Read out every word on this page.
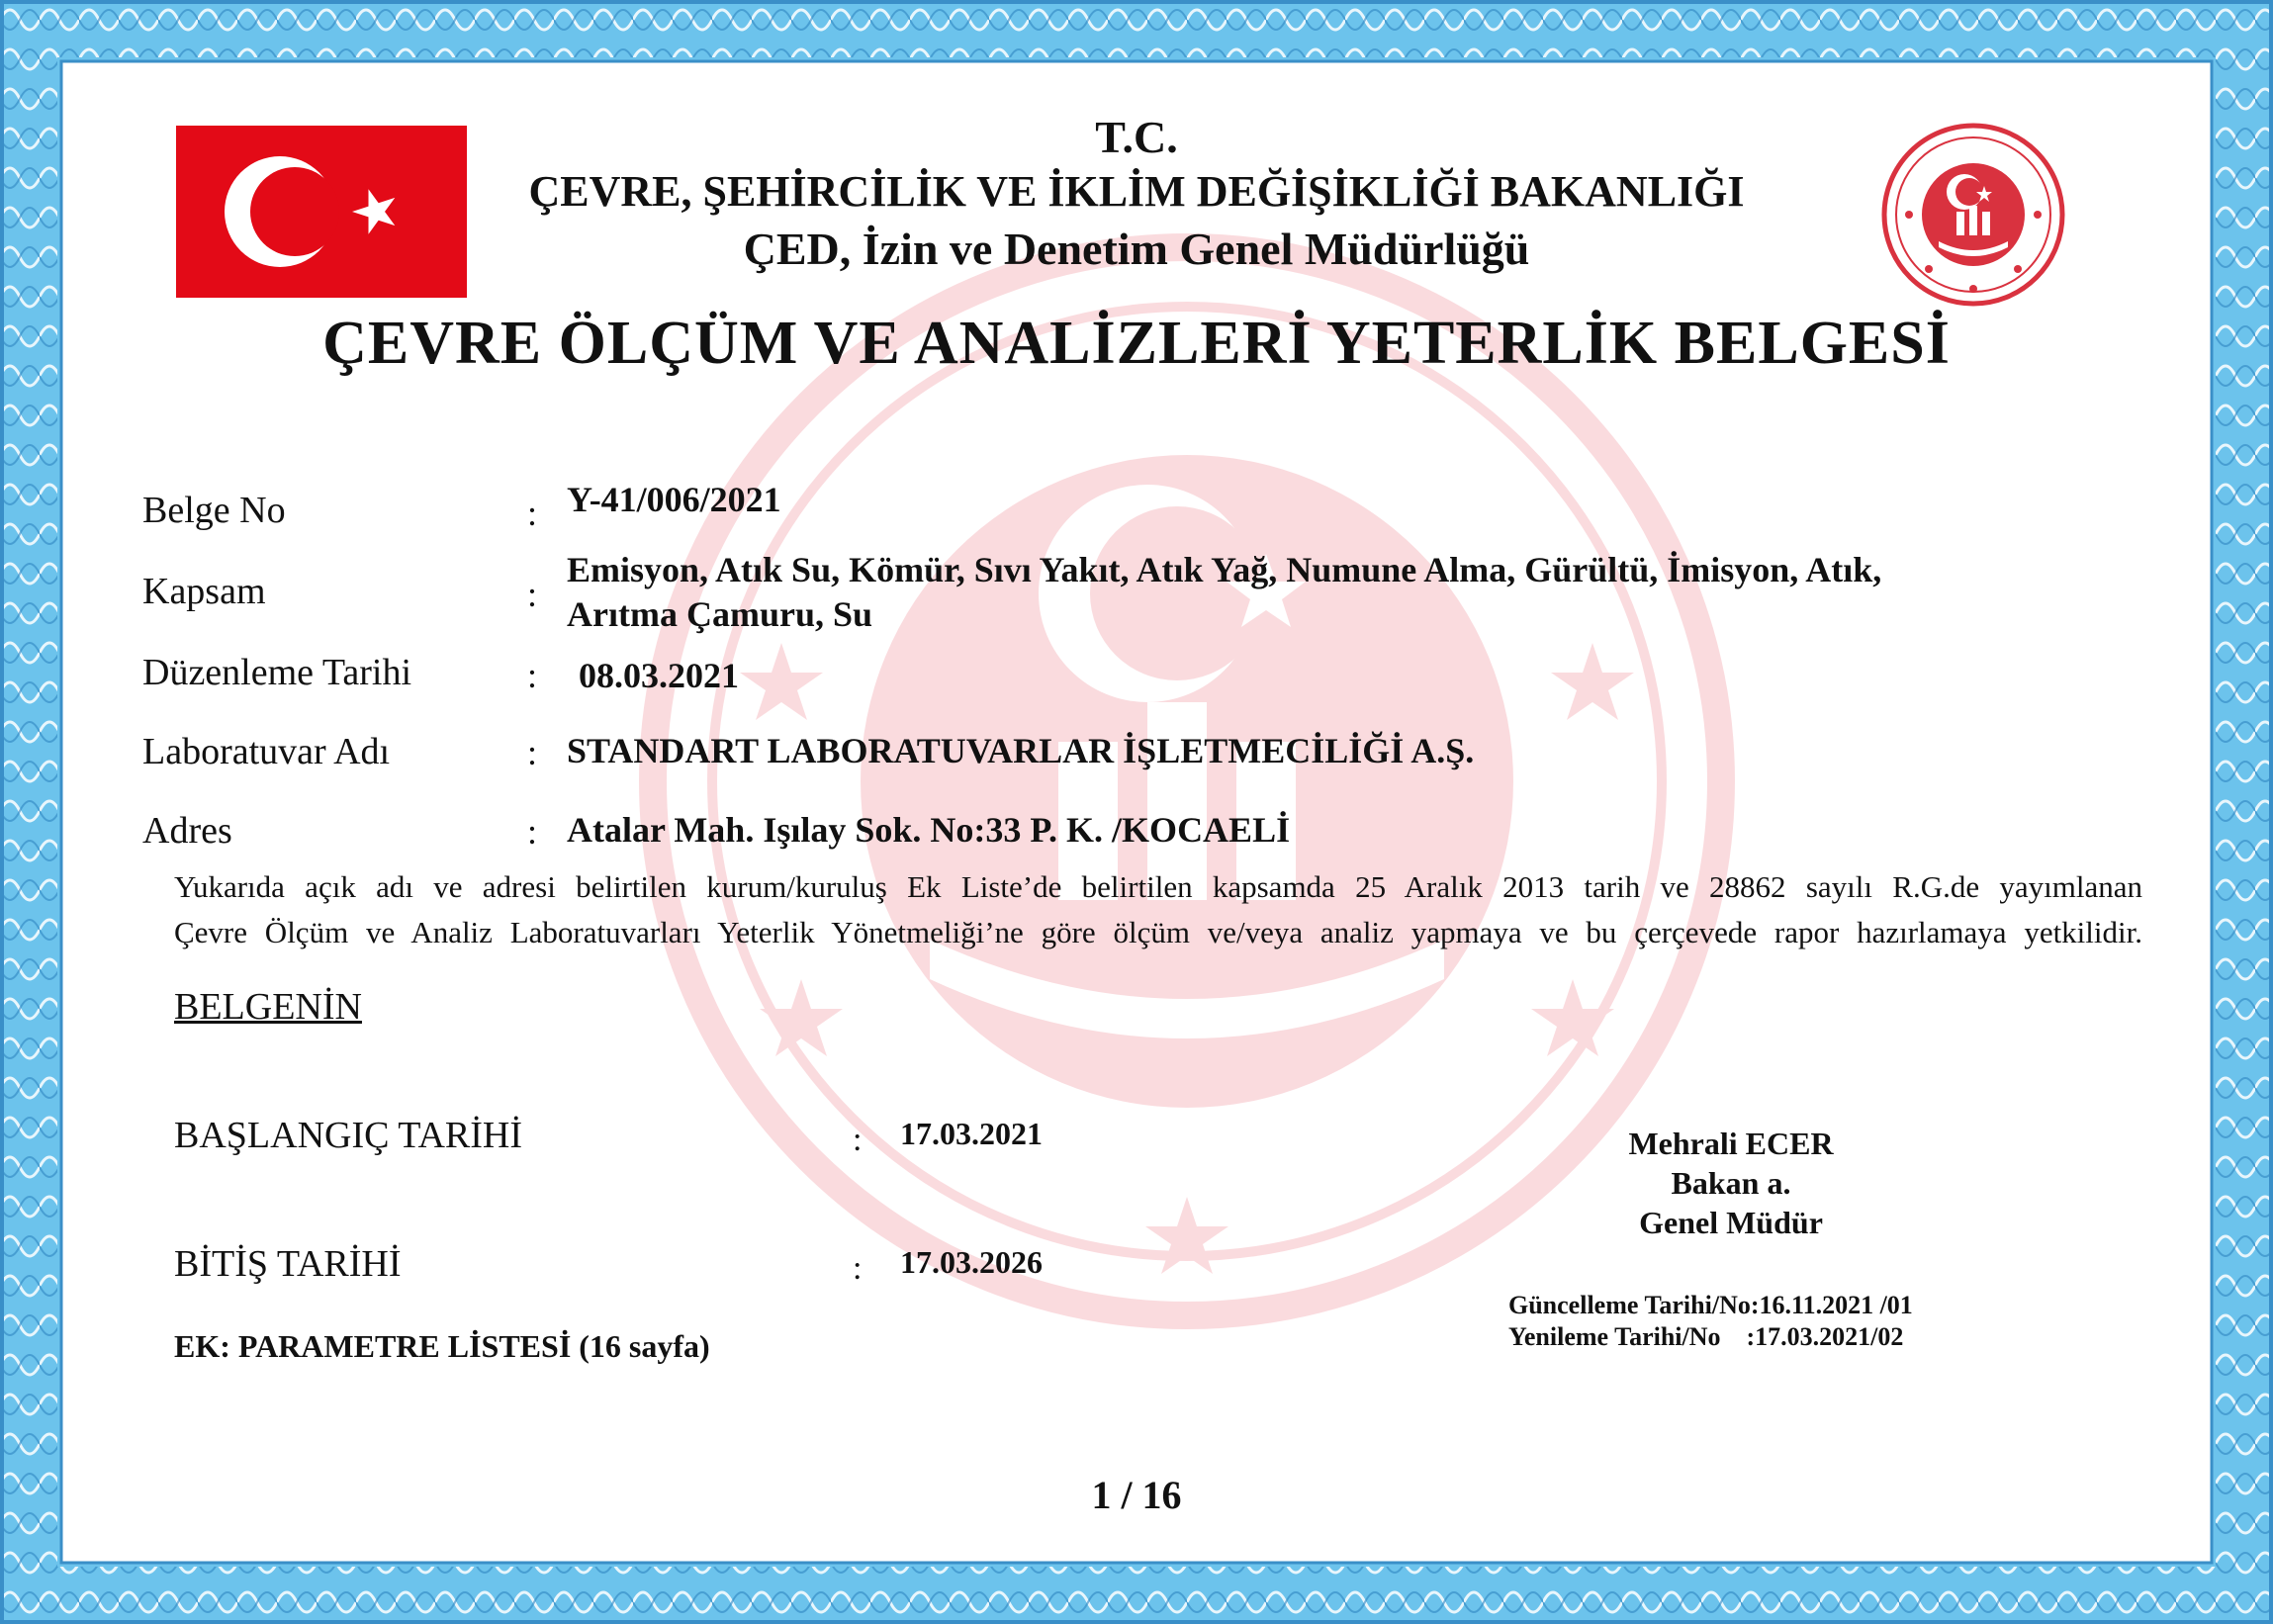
T.C.
ÇEVRE, ŞEHİRCİLİK VE İKLİM DEĞİŞİKLİĞİ BAKANLIĞI
ÇED, İzin ve Denetim Genel Müdürlüğü
ÇEVRE ÖLÇÜM VE ANALİZLERİ YETERLİK BELGESİ
Belge No	: Y-41/006/2021
Kapsam	:
Emisyon, Atık Su, Kömür, Sıvı Yakıt, Atık Yağ, Numune Alma, Gürültü, İmisyon, Atık,
Arıtma Çamuru, Su
Düzenleme Tarihi	: 08.03.2021
Laboratuvar Adı	: STANDART LABORATUVARLAR İŞLETMECİLİĞİ A.Ş.
Adres	: Atalar Mah. Işılay Sok. No:33 P. K. /KOCAELİ
Yukarıda açık adı ve adresi belirtilen kurum/kuruluş Ek Liste’de belirtilen kapsamda 25 Aralık 2013 tarih ve 28862 sayılı R.G.de yayımlanan
Çevre Ölçüm ve Analiz Laboratuvarları Yeterlik Yönetmeliği’ne göre ölçüm ve/veya analiz yapmaya ve bu çerçevede rapor hazırlamaya yetkilidir.
BELGENİN
BAŞLANGIÇ TARİHİ	: 17.03.2021
BİTİŞ TARİHİ	: 17.03.2026
Mehrali ECER
Bakan a.
Genel Müdür
Güncelleme Tarihi/No:16.11.2021 /01
Yenileme Tarihi/No    :17.03.2021/02
EK: PARAMETRE LİSTESİ (16 sayfa)
1 / 16
